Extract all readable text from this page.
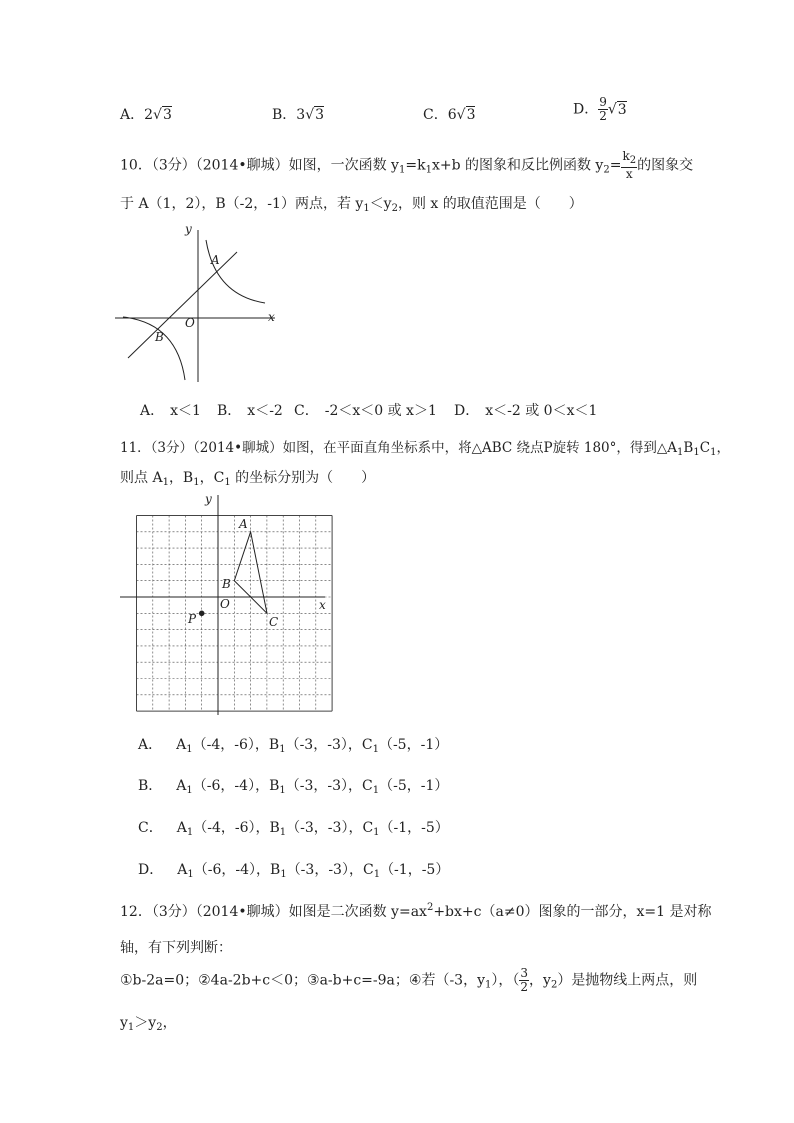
A．2√3	B．3√3	C．6√3	D． $\frac{9}{2} √3$
10．（3分）（2014•聊城）如图，一次函数 $y_1=k_1x+b$ 的图象和反比例函数 $y_2= \frac{k_2}{x}$ 的图象交
于 A（1，2），B（-2，-1）两点，若 $y_1<y_2$，则 x 的取值范围是（　　）
x
y
O
A
B
A． x＜1 B． x＜-2 C． -2＜x＜0 或 x＞1 D． x＜-2 或 0＜x＜1
11．（3分）（2014•聊城）如图，在平面直角坐标系中，将△ABC 绕点P旋转 180°，得到$\triangle A_1B_1C_1$，
则点 $A_1$，$B_1$，$C_1$ 的坐标分别为（　　）
x
y
O
A
B
C
P
A． $A_1(-4$，-6），$B_1(-3$，-3），$C_1(-5$，-1）
B． $A_1(-6$，-4），$B_1(-3$，-3），$C_1(-5$，-1）
C． $A_1(-4$，-6），$B_1(-3$，-3），$C_1(-1$，-5）
D． $A_1(-6$，-4），$B_1(-3$，-3），$C_1(-1$，-5）
12．（3分）（2014•聊城）如图是二次函数 $y=ax^2+bx+c(a\ne 0)$图象的一部分，x=1 是对称
轴，有下列判断：
①b-2a=0；②4a-2b+c＜0；③a-b+c=-9a；④若（-3，$y_1$），（ $\frac{3}{2}$ ，$y_2$）是抛物线上两点，则
$y_1>y_2$，
